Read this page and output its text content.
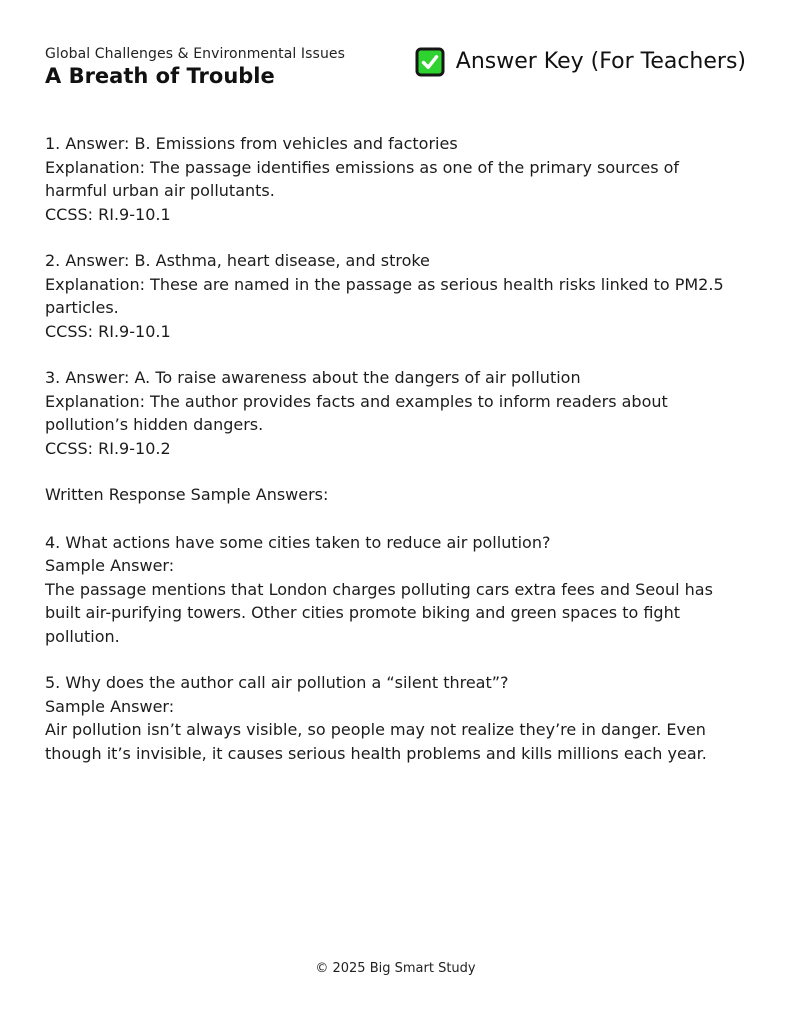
Global Challenges & Environmental Issues
A Breath of Trouble
Answer Key (For Teachers)

1. Answer: B. Emissions from vehicles and factories

Explanation: The passage identifies emissions as one of the primary sources of harmful urban air pollutants.

CCSS: RI.9-10.1

2. Answer: B. Asthma, heart disease, and stroke

Explanation: These are named in the passage as serious health risks linked to PM2.5 particles.

CCSS: RI.9-10.1

3. Answer: A. To raise awareness about the dangers of air pollution

Explanation: The author provides facts and examples to inform readers about pollution’s hidden dangers.

CCSS: RI.9-10.2

Written Response Sample Answers:

4. What actions have some cities taken to reduce air pollution?

Sample Answer:

The passage mentions that London charges polluting cars extra fees and Seoul has built air-purifying towers. Other cities promote biking and green spaces to fight pollution.

5. Why does the author call air pollution a “silent threat”?

Sample Answer:

Air pollution isn’t always visible, so people may not realize they’re in danger. Even though it’s invisible, it causes serious health problems and kills millions each year.

© 2025 Big Smart Study
